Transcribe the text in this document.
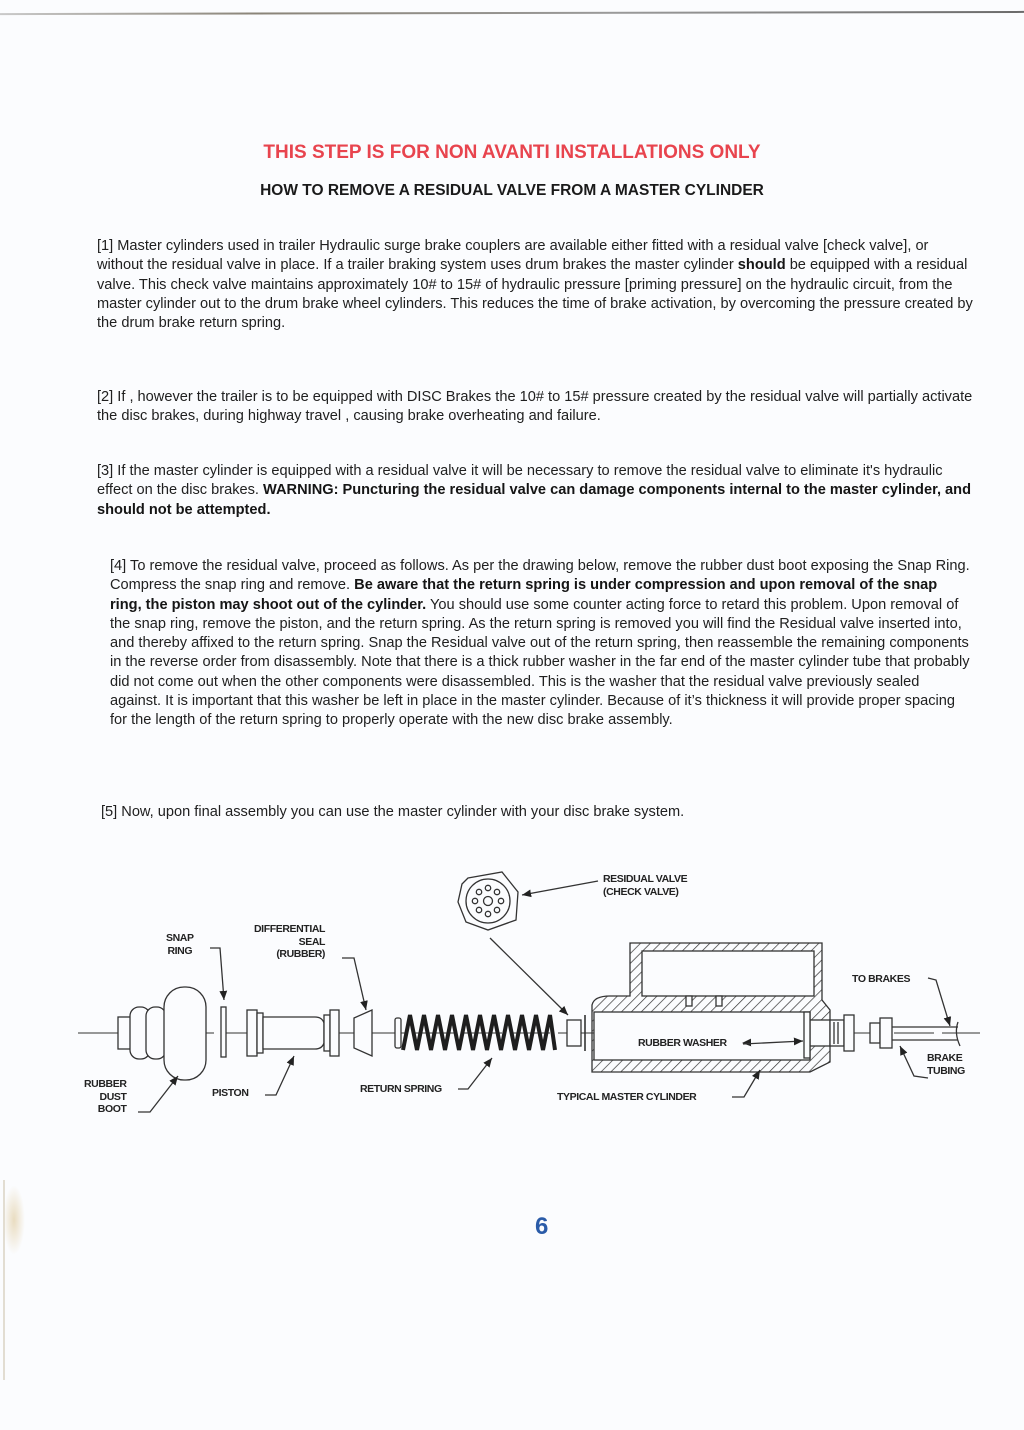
THIS STEP IS FOR NON AVANTI INSTALLATIONS ONLY
HOW TO REMOVE A RESIDUAL VALVE FROM A MASTER CYLINDER
[1] Master cylinders used in trailer Hydraulic surge brake couplers are available either fitted with a residual valve [check valve], or without the residual valve in place. If a trailer braking system uses drum brakes the master cylinder should be equipped with a residual valve. This check valve maintains approximately 10# to 15# of hydraulic pressure [priming pressure] on the hydraulic circuit, from the master cylinder out to the drum brake wheel cylinders. This reduces the time of brake activation, by overcoming the pressure created by the drum brake return spring.
[2] If , however the trailer is to be equipped with DISC Brakes the 10# to 15# pressure created by the residual valve will partially activate the disc brakes, during highway travel , causing brake overheating and failure.
[3] If the master cylinder is equipped with a residual valve it will be necessary to remove the residual valve to eliminate it's hydraulic effect on the disc brakes. WARNING: Puncturing the residual valve can damage components internal to the master cylinder, and should not be attempted.
[4] To remove the residual valve, proceed as follows. As per the drawing below, remove the rubber dust boot exposing the Snap Ring. Compress the snap ring and remove. Be aware that the return spring is under compression and upon removal of the snap ring, the piston may shoot out of the cylinder. You should use some counter acting force to retard this problem. Upon removal of the snap ring, remove the piston, and the return spring. As the return spring is removed you will find the Residual valve inserted into, and thereby affixed to the return spring. Snap the Residual valve out of the return spring, then reassemble the remaining components in the reverse order from disassembly. Note that there is a thick rubber washer in the far end of the master cylinder tube that probably did not come out when the other components were disassembled. This is the washer that the residual valve previously sealed against. It is important that this washer be left in place in the master cylinder. Because of it’s thickness it will provide proper spacing for the length of the return spring to properly operate with the new disc brake assembly.
[5] Now, upon final assembly you can use the master cylinder with your disc brake system.
SNAP
RING
DIFFERENTIAL
SEAL
(RUBBER)
RESIDUAL VALVE
(CHECK VALVE)
TO BRAKES
RUBBER WASHER
BRAKE
TUBING
RUBBER
DUST
BOOT
PISTON	RETURN SPRING
TYPICAL MASTER CYLINDER
6
